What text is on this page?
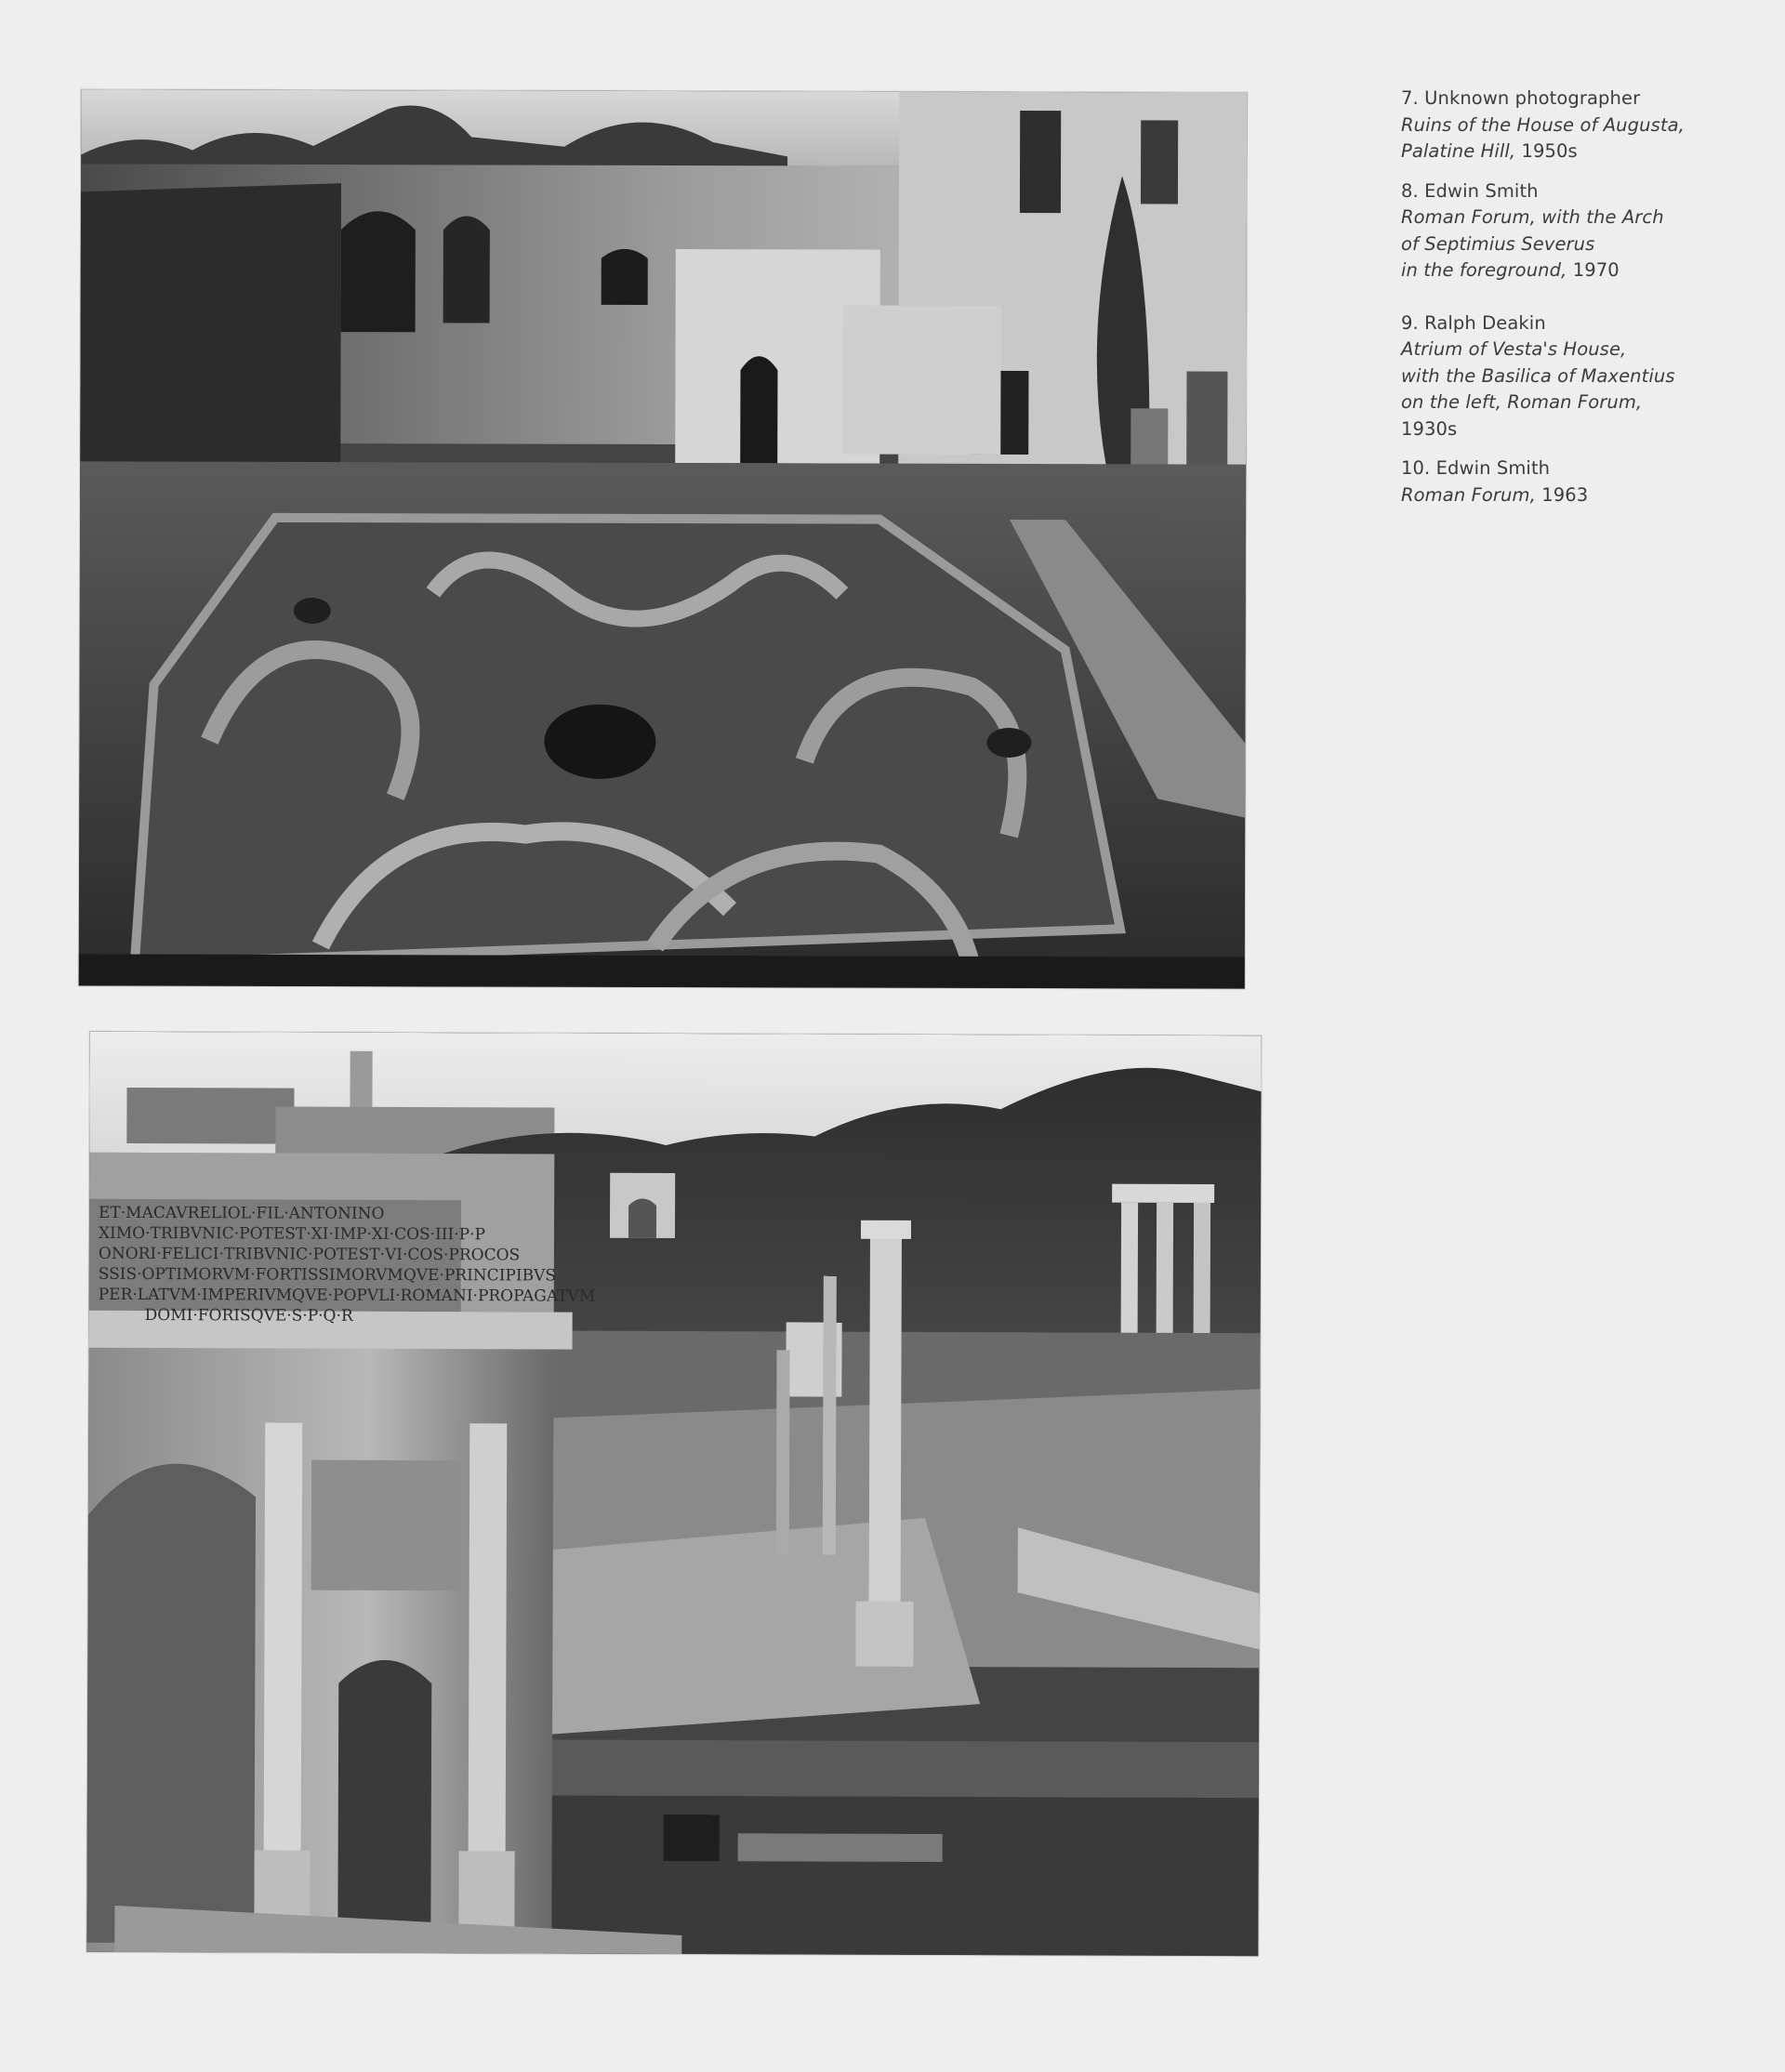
ET·MACAVRELIOL·FIL·ANTONINO
XIMO·TRIBVNIC·POTEST·XI·IMP·XI·COS·III·P·P
ONORI·FELICI·TRIBVNIC·POTEST·VI·COS·PROCOS
SSIS·OPTIMORVM·FORTISSIMORVMQVE·PRINCIPIBVS
PER·LATVM·IMPERIVMQVE·POPVLI·ROMANI·PROPAGATVM
DOMI·FORISQVE·S·P·Q·R
7. Unknown photographer
Ruins of the House of Augusta,
Palatine Hill, 1950s
8. Edwin Smith
Roman Forum, with the Arch
of Septimius Severus
in the foreground, 1970
9. Ralph Deakin
Atrium of Vesta's House,
with the Basilica of Maxentius
on the left, Roman Forum,
1930s
10. Edwin Smith
Roman Forum, 1963
